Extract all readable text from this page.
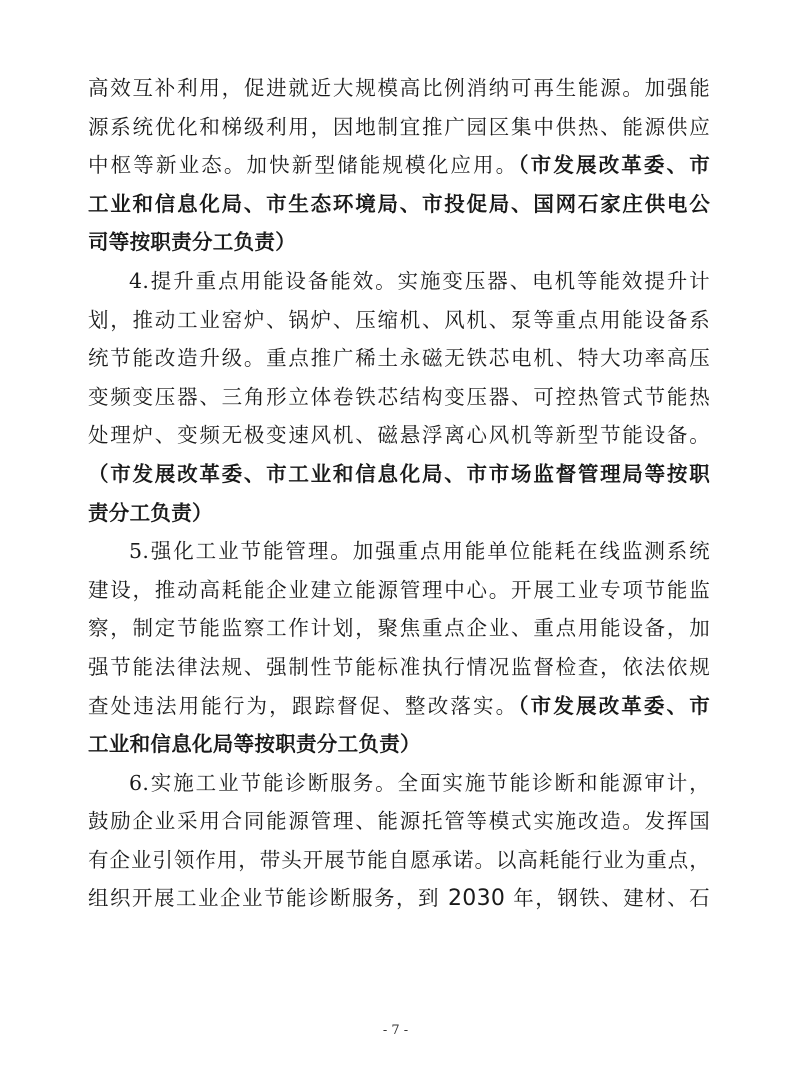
高效互补利用，促进就近大规模高比例消纳可再生能源。加强能
源系统优化和梯级利用，因地制宜推广园区集中供热、能源供应
中枢等新业态。加快新型储能规模化应用。（市发展改革委、市
工业和信息化局、市生态环境局、市投促局、国网石家庄供电公
司等按职责分工负责）
4.提升重点用能设备能效。实施变压器、电机等能效提升计
划，推动工业窑炉、锅炉、压缩机、风机、泵等重点用能设备系
统节能改造升级。重点推广稀土永磁无铁芯电机、特大功率高压
变频变压器、三角形立体卷铁芯结构变压器、可控热管式节能热
处理炉、变频无极变速风机、磁悬浮离心风机等新型节能设备。
（市发展改革委、市工业和信息化局、市市场监督管理局等按职
责分工负责）
5.强化工业节能管理。加强重点用能单位能耗在线监测系统
建设，推动高耗能企业建立能源管理中心。开展工业专项节能监
察，制定节能监察工作计划，聚焦重点企业、重点用能设备，加
强节能法律法规、强制性节能标准执行情况监督检查，依法依规
查处违法用能行为，跟踪督促、整改落实。（市发展改革委、市
工业和信息化局等按职责分工负责）
6.实施工业节能诊断服务。全面实施节能诊断和能源审计，
鼓励企业采用合同能源管理、能源托管等模式实施改造。发挥国
有企业引领作用，带头开展节能自愿承诺。以高耗能行业为重点，
组织开展工业企业节能诊断服务，到 2030 年，钢铁、建材、石
- 7 -
